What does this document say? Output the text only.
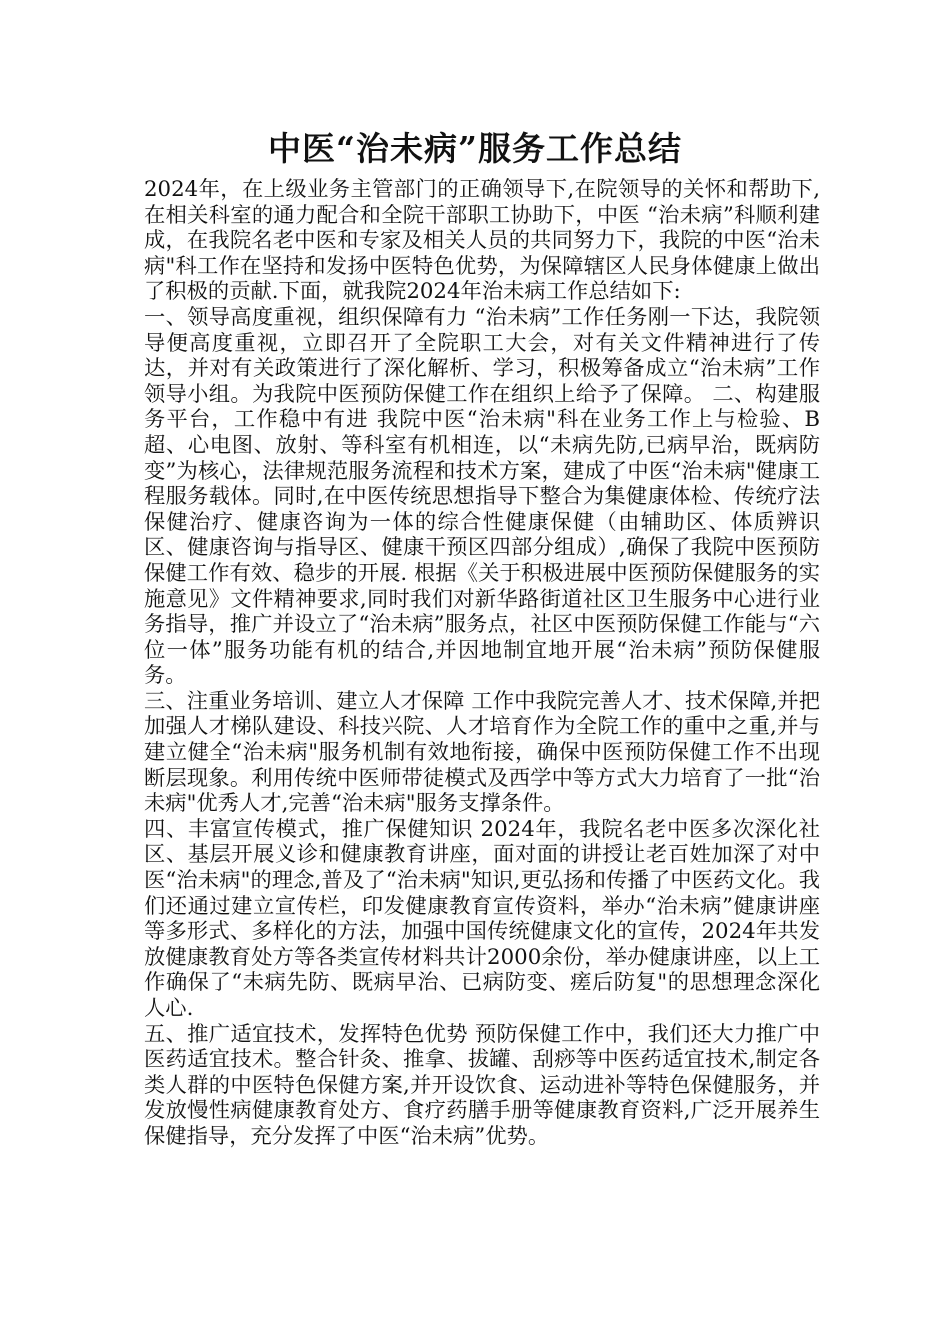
中医“治未病”服务工作总结

2024年，在上级业务主管部门的正确领导下,在院领导的关怀和帮助下,在相关科室的通力配合和全院干部职工协助下，中医 “治未病”科顺利建成，在我院名老中医和专家及相关人员的共同努力下，我院的中医“治未病"科工作在坚持和发扬中医特色优势，为保障辖区人民身体健康上做出了积极的贡献.下面，就我院2024年治未病工作总结如下:

一、领导高度重视，组织保障有力 “治未病”工作任务刚一下达，我院领导便高度重视，立即召开了全院职工大会，对有关文件精神进行了传达，并对有关政策进行了深化解析、学习，积极筹备成立“治未病”工作领导小组。为我院中医预防保健工作在组织上给予了保障。 二、构建服务平台，工作稳中有进 我院中医“治未病"科在业务工作上与检验、B超、心电图、放射、等科室有机相连，以“未病先防,已病早治，既病防变”为核心，法律规范服务流程和技术方案，建成了中医“治未病"健康工程服务载体。同时,在中医传统思想指导下整合为集健康体检、传统疗法保健治疗、健康咨询为一体的综合性健康保健（由辅助区、体质辨识区、健康咨询与指导区、健康干预区四部分组成）,确保了我院中医预防保健工作有效、稳步的开展. 根据《关于积极进展中医预防保健服务的实施意见》文件精神要求,同时我们对新华路街道社区卫生服务中心进行业务指导，推广并设立了“治未病”服务点，社区中医预防保健工作能与“六位一体”服务功能有机的结合,并因地制宜地开展“治未病”预防保健服务。

三、注重业务培训、建立人才保障 工作中我院完善人才、技术保障,并把加强人才梯队建设、科技兴院、人才培育作为全院工作的重中之重,并与建立健全“治未病"服务机制有效地衔接，确保中医预防保健工作不出现断层现象。利用传统中医师带徒模式及西学中等方式大力培育了一批“治未病"优秀人才,完善“治未病"服务支撑条件。

四、丰富宣传模式，推广保健知识 2024年，我院名老中医多次深化社区、基层开展义诊和健康教育讲座，面对面的讲授让老百姓加深了对中医“治未病"的理念,普及了“治未病"知识,更弘扬和传播了中医药文化。我们还通过建立宣传栏，印发健康教育宣传资料，举办“治未病”健康讲座等多形式、多样化的方法，加强中国传统健康文化的宣传，2024年共发放健康教育处方等各类宣传材料共计2000余份，举办健康讲座，以上工作确保了“未病先防、既病早治、已病防变、瘥后防复"的思想理念深化人心.

五、推广适宜技术，发挥特色优势 预防保健工作中，我们还大力推广中医药适宜技术。整合针灸、推拿、拔罐、刮痧等中医药适宜技术,制定各类人群的中医特色保健方案,并开设饮食、运动进补等特色保健服务，并发放慢性病健康教育处方、食疗药膳手册等健康教育资料,广泛开展养生保健指导，充分发挥了中医“治未病”优势。
